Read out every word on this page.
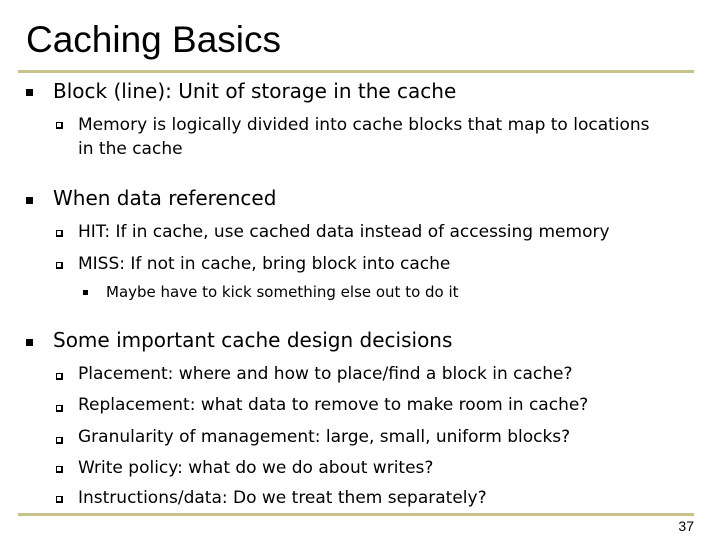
Caching Basics
Block (line): Unit of storage in the cache
Memory is logically divided into cache blocks that map to locations in the cache
When data referenced
HIT: If in cache, use cached data instead of accessing memory
MISS: If not in cache, bring block into cache
Maybe have to kick something else out to do it
Some important cache design decisions
Placement: where and how to place/find a block in cache?
Replacement: what data to remove to make room in cache?
Granularity of management: large, small, uniform blocks?
Write policy: what do we do about writes?
Instructions/data: Do we treat them separately?
37
